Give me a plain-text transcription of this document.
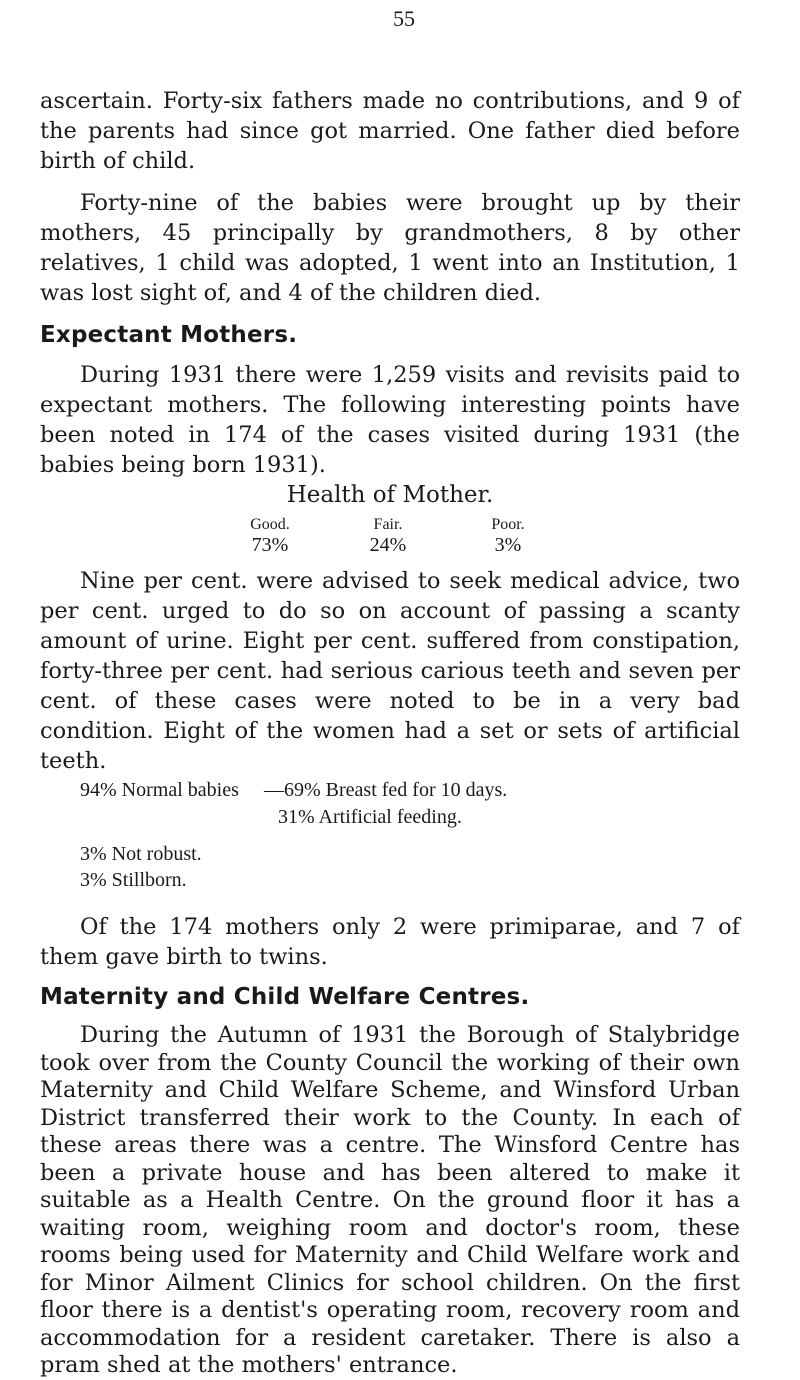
55

ascertain. Forty-six fathers made no contributions, and 9 of the parents had since got married. One father died before birth of child.

Forty-nine of the babies were brought up by their mothers, 45 principally by grandmothers, 8 by other relatives, 1 child was adopted, 1 went into an Institution, 1 was lost sight of, and 4 of the children died.

Expectant Mothers.

During 1931 there were 1,259 visits and revisits paid to expectant mothers. The following interesting points have been noted in 174 of the cases visited during 1931 (the babies being born 1931).

Health of Mother.
Good.
73%
Fair.
24%
Poor.
3%

Nine per cent. were advised to seek medical advice, two per cent. urged to do so on account of passing a scanty amount of urine. Eight per cent. suffered from constipation, forty-three per cent. had serious carious teeth and seven per cent. of these cases were noted to be in a very bad condition. Eight of the women had a set or sets of artificial teeth.

94% Normal babies —69% Breast fed for 10 days.
31% Artificial feeding.
3% Not robust.
3% Stillborn.

Of the 174 mothers only 2 were primiparae, and 7 of them gave birth to twins.

Maternity and Child Welfare Centres.

During the Autumn of 1931 the Borough of Stalybridge took over from the County Council the working of their own Maternity and Child Welfare Scheme, and Winsford Urban District transferred their work to the County. In each of these areas there was a centre. The Winsford Centre has been a private house and has been altered to make it suitable as a Health Centre. On the ground floor it has a waiting room, weighing room and doctor's room, these rooms being used for Maternity and Child Welfare work and for Minor Ailment Clinics for school children. On the first floor there is a dentist's operating room, recovery room and accommodation for a resident caretaker. There is also a pram shed at the mothers' entrance.
